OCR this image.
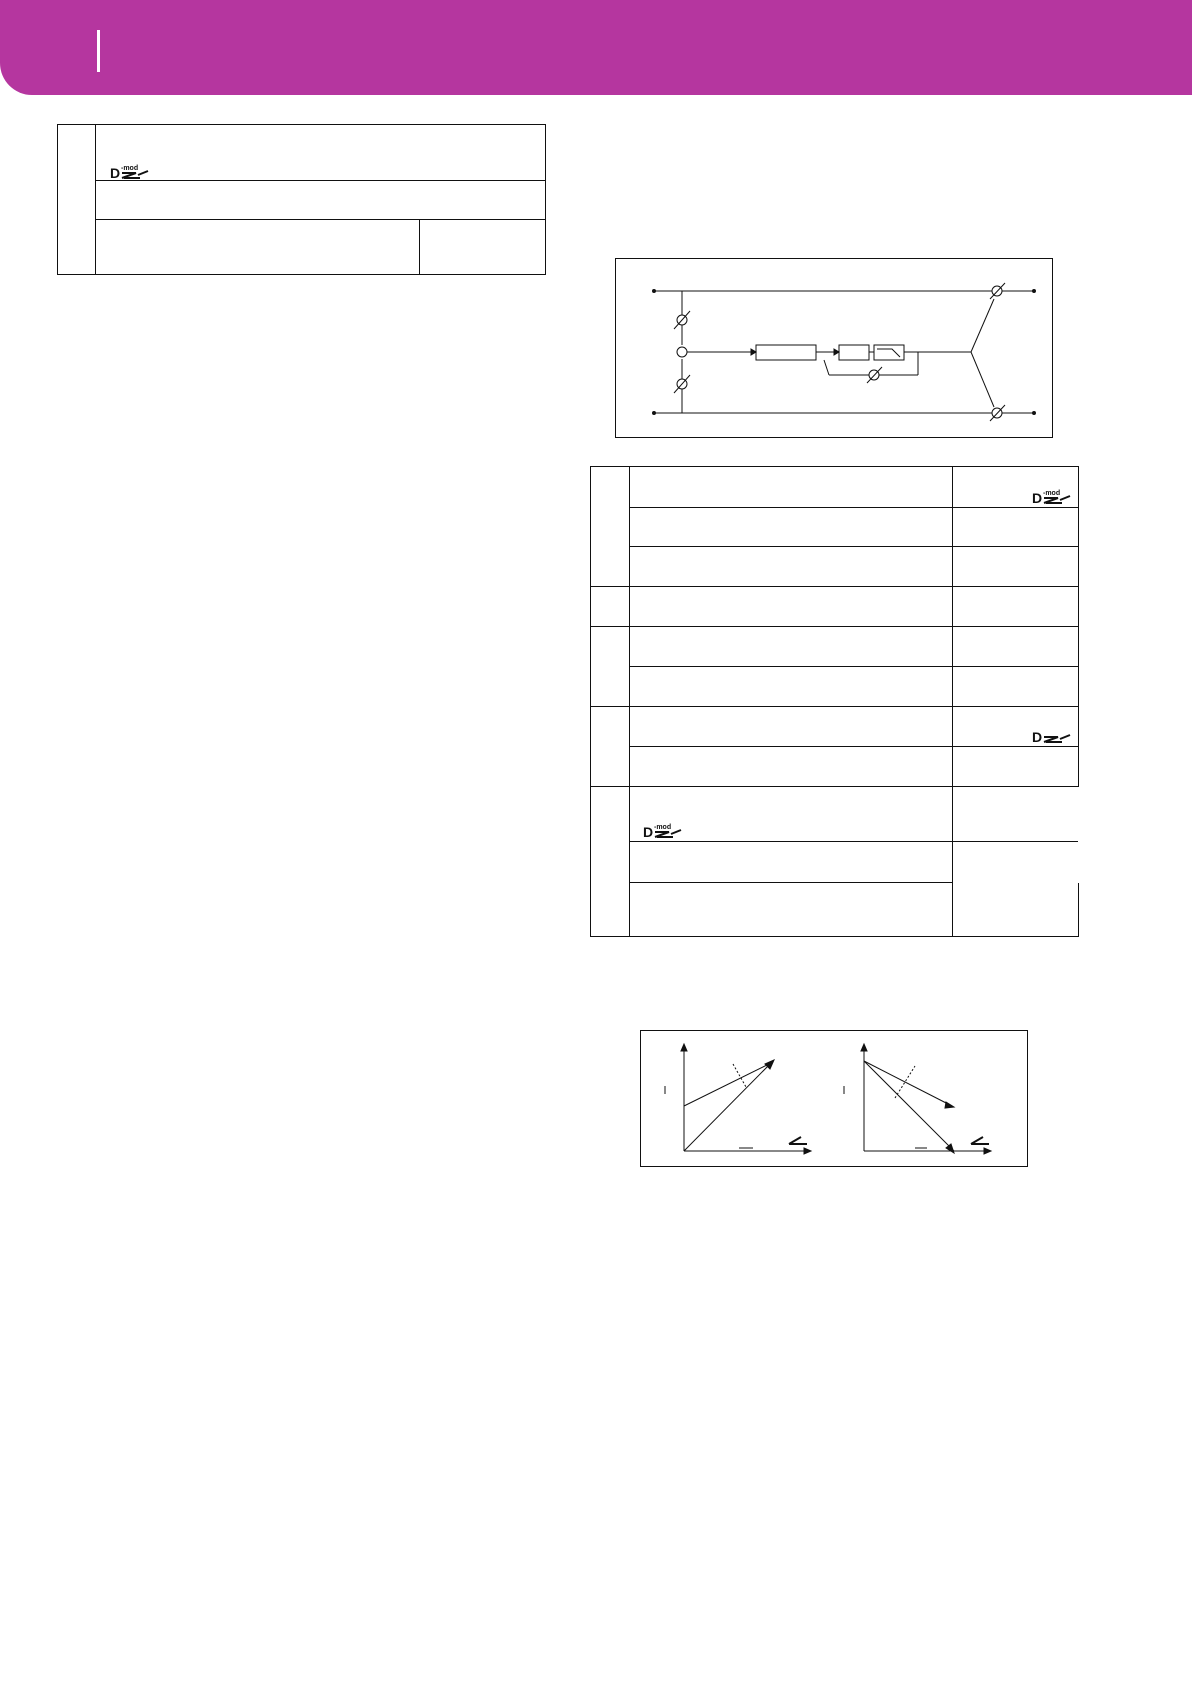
D -mod
D -mod
D
D -mod
